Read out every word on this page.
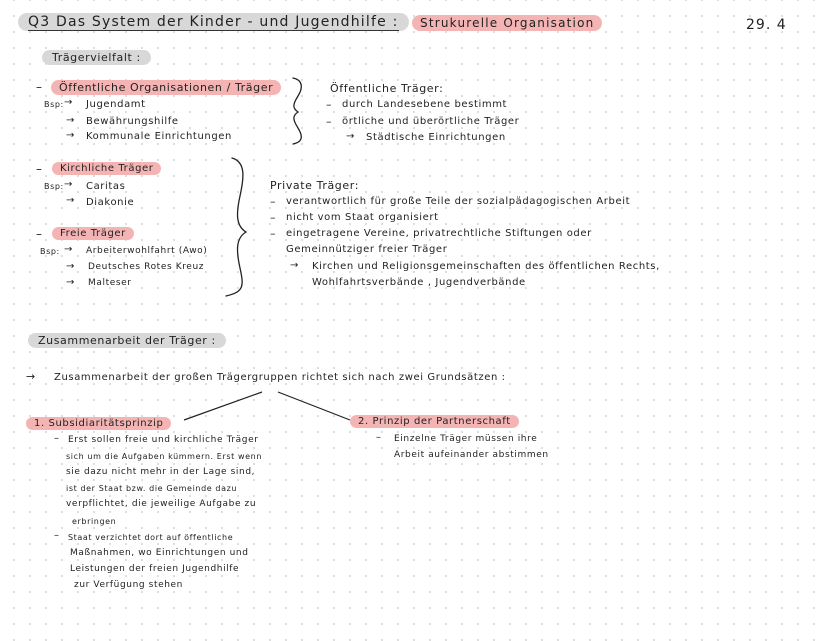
Q3 Das System der Kinder - und Jugendhilfe :	Strukurelle Organisation	29. 4
Trägervielfalt :
–	Öffentliche Organisationen / Träger
Bsp: → Jugendamt
→ Bewährungshilfe
→ Kommunale Einrichtungen
Öffentliche Träger:
– durch Landesebene bestimmt
– örtliche und überörtliche Träger
→ Städtische Einrichtungen
–	Kirchliche Träger
Bsp: → Caritas
→ Diakonie
–	Freie Träger
Bsp: → Arbeiterwohlfahrt (Awo)
→ Deutsches Rotes Kreuz
→ Malteser
Private Träger:
– verantwortlich für große Teile der sozialpädagogischen Arbeit
– nicht vom Staat organisiert
– eingetragene Vereine, privatrechtliche Stiftungen oder
Gemeinnütziger freier Träger
→ Kirchen und Religionsgemeinschaften des öffentlichen Rechts,
Wohlfahrtsverbände , Jugendverbände
Zusammenarbeit der Träger :
→ Zusammenarbeit der großen Trägergruppen richtet sich nach zwei Grundsätzen :
1. Subsidiaritätsprinzip
– Erst sollen freie und kirchliche Träger
sich um die Aufgaben kümmern. Erst wenn
sie dazu nicht mehr in der Lage sind,
ist der Staat bzw. die Gemeinde dazu
verpflichtet, die jeweilige Aufgabe zu
erbringen
– Staat verzichtet dort auf öffentliche
Maßnahmen, wo Einrichtungen und
Leistungen der freien Jugendhilfe
zur Verfügung stehen
2. Prinzip der Partnerschaft
– Einzelne Träger müssen ihre
Arbeit aufeinander abstimmen
